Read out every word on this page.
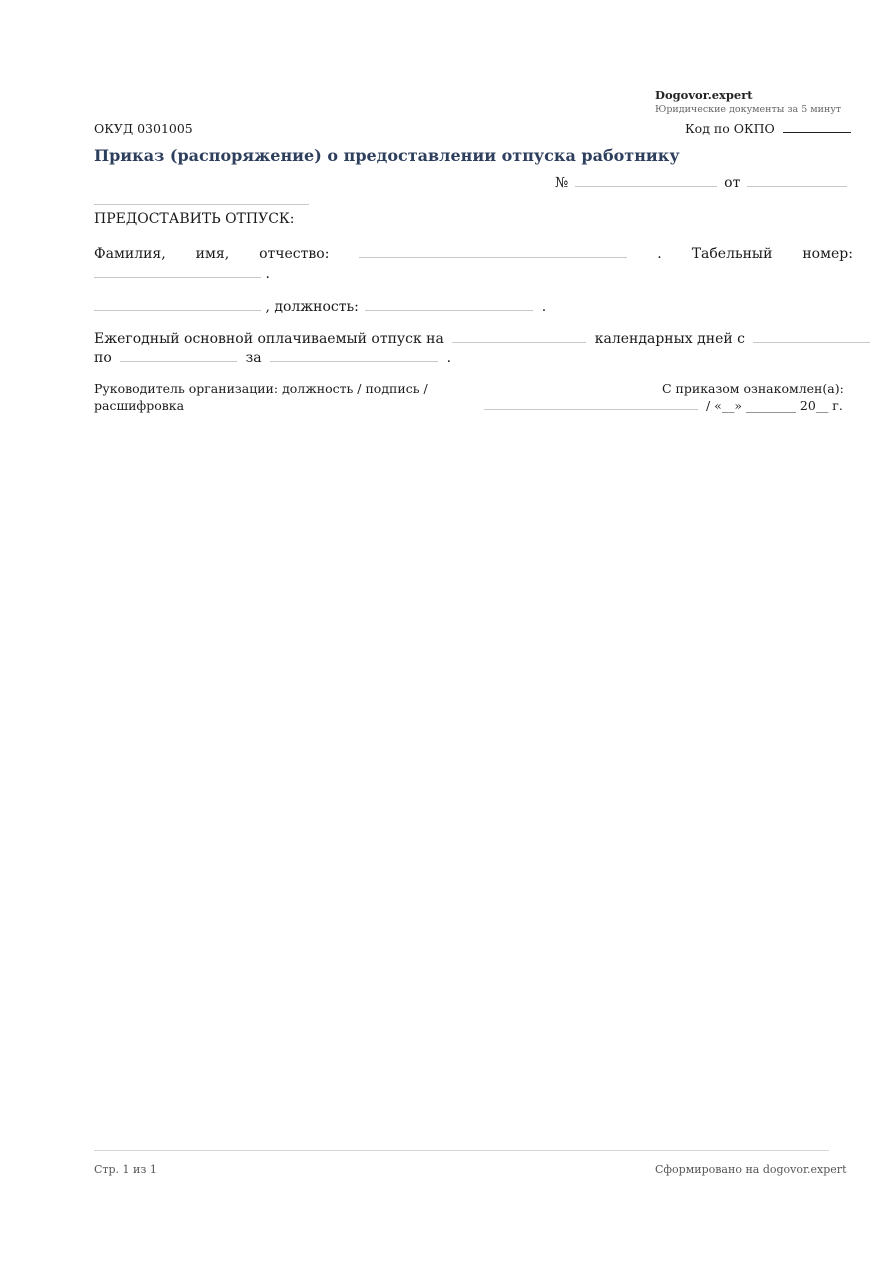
Dogovor.expert
Юридические документы за 5 минут
ОКУД 0301005	Код по ОКПО
Приказ (распоряжение) о предоставлении отпуска работнику
№	от
ПРЕДОСТАВИТЬ ОТПУСК:
Фамилия, имя, отчество:	. Табельный номер:
.
, должность:	.
Ежегодный основной оплачиваемый отпуск на	календарных дней с
по	за	.
Руководитель организации: должность / подпись /
расшифровка
С приказом ознакомлен(а):
/ «__» ________ 20__ г.
Стр. 1 из 1	Сформировано на dogovor.expert
